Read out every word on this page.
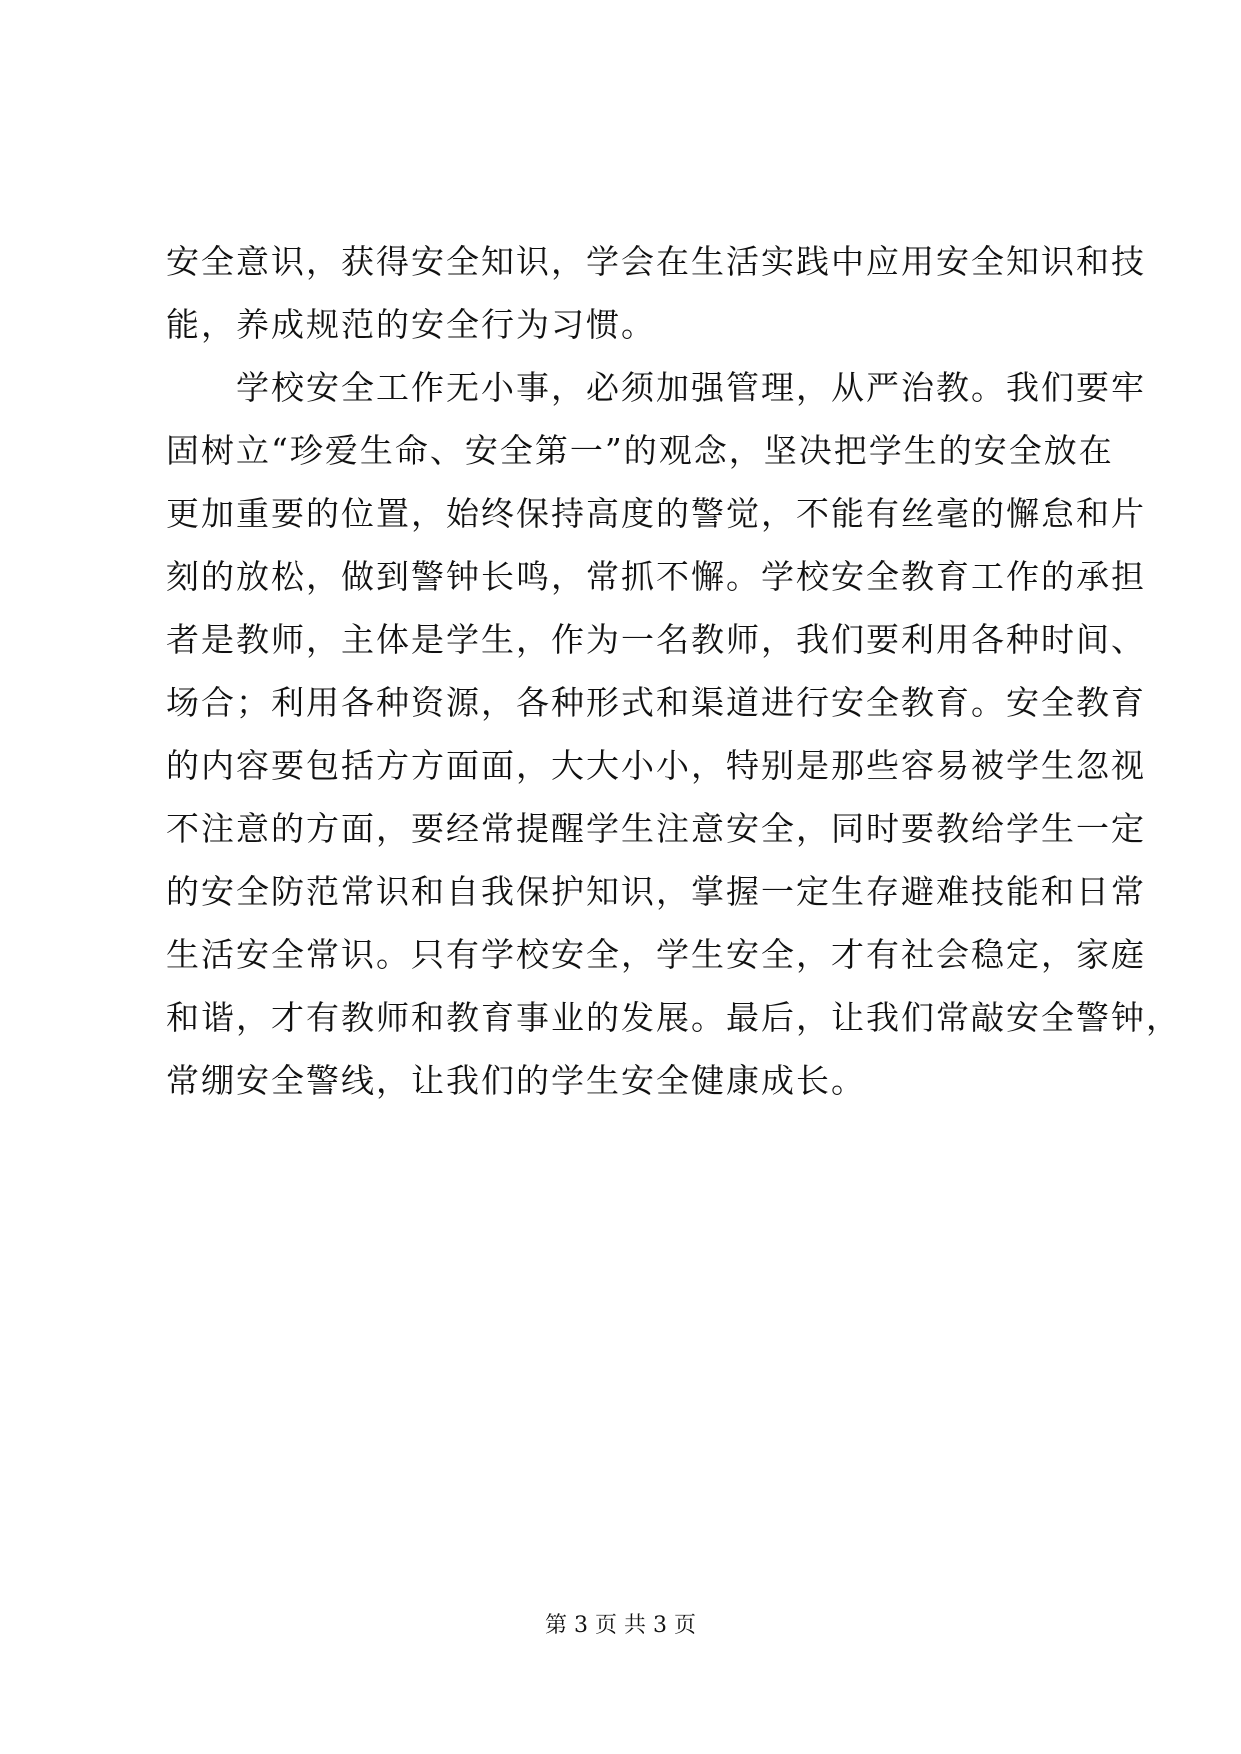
安全意识，获得安全知识，学会在生活实践中应用安全知识和技
能，养成规范的安全行为习惯。
　　学校安全工作无小事，必须加强管理，从严治教。我们要牢
固树立“珍爱生命、安全第一”的观念，坚决把学生的安全放在
更加重要的位置，始终保持高度的警觉，不能有丝毫的懈怠和片
刻的放松，做到警钟长鸣，常抓不懈。学校安全教育工作的承担
者是教师，主体是学生，作为一名教师，我们要利用各种时间、
场合；利用各种资源，各种形式和渠道进行安全教育。安全教育
的内容要包括方方面面，大大小小，特别是那些容易被学生忽视
不注意的方面，要经常提醒学生注意安全，同时要教给学生一定
的安全防范常识和自我保护知识，掌握一定生存避难技能和日常
生活安全常识。只有学校安全，学生安全，才有社会稳定，家庭
和谐，才有教师和教育事业的发展。最后，让我们常敲安全警钟，
常绷安全警线，让我们的学生安全健康成长。
第 3 页 共 3 页
